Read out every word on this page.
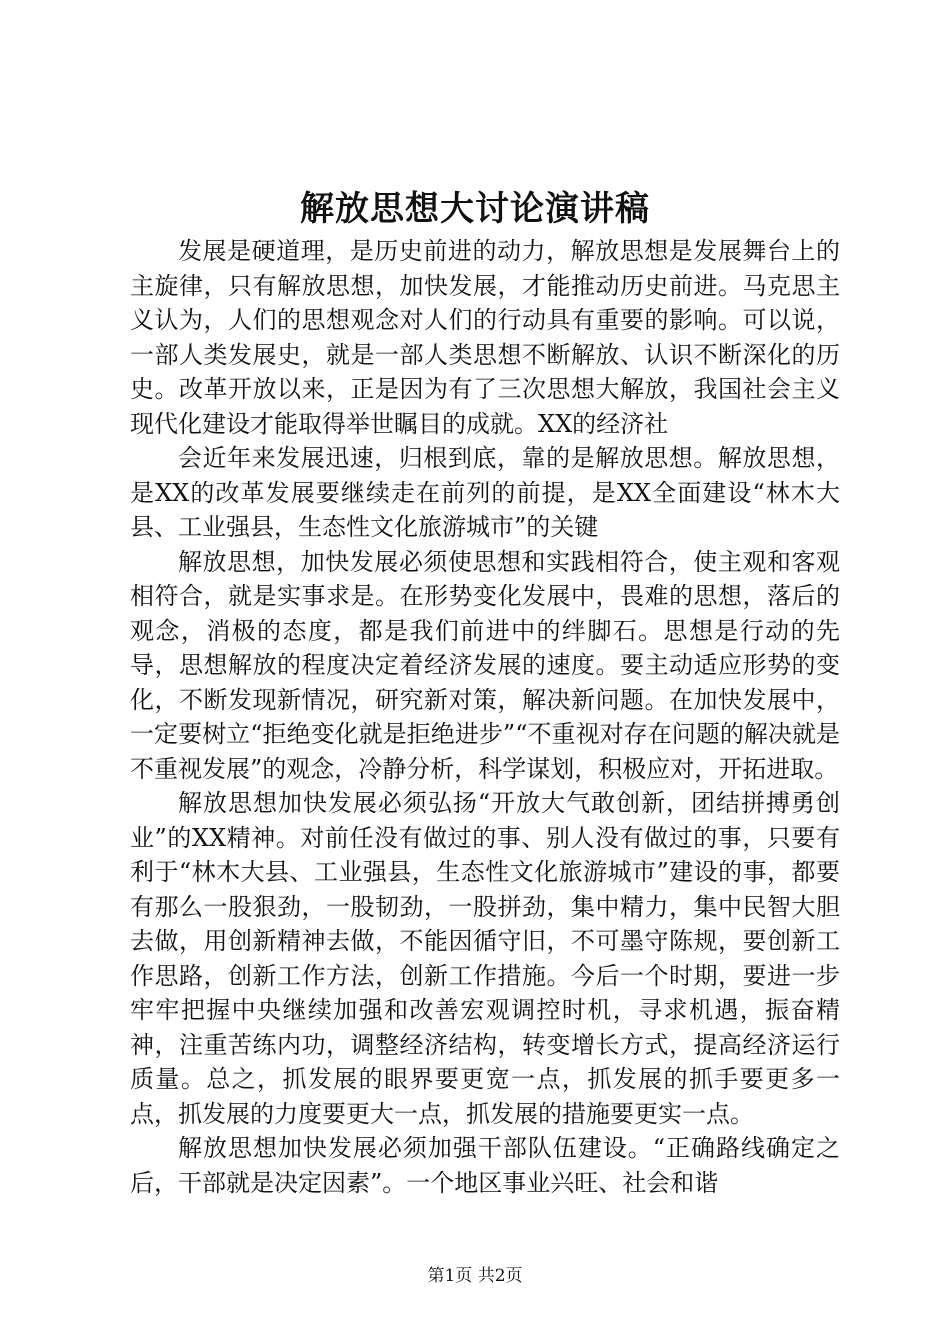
解放思想大讨论演讲稿

发展是硬道理，是历史前进的动力，解放思想是发展舞台上的主旋律，只有解放思想，加快发展，才能推动历史前进。马克思主义认为，人们的思想观念对人们的行动具有重要的影响。可以说，一部人类发展史，就是一部人类思想不断解放、认识不断深化的历史。改革开放以来，正是因为有了三次思想大解放，我国社会主义现代化建设才能取得举世瞩目的成就。XX的经济社

会近年来发展迅速，归根到底，靠的是解放思想。解放思想，是XX的改革发展要继续走在前列的前提，是XX全面建设“林木大县、工业强县，生态性文化旅游城市”的关键

解放思想，加快发展必须使思想和实践相符合，使主观和客观相符合，就是实事求是。在形势变化发展中，畏难的思想，落后的观念，消极的态度，都是我们前进中的绊脚石。思想是行动的先导，思想解放的程度决定着经济发展的速度。要主动适应形势的变化，不断发现新情况，研究新对策，解决新问题。在加快发展中，一定要树立“拒绝变化就是拒绝进步”“不重视对存在问题的解决就是不重视发展”的观念，冷静分析，科学谋划，积极应对，开拓进取。

解放思想加快发展必须弘扬“开放大气敢创新，团结拼搏勇创业”的XX精神。对前任没有做过的事、别人没有做过的事，只要有利于“林木大县、工业强县，生态性文化旅游城市”建设的事，都要有那么一股狠劲，一股韧劲，一股拼劲，集中精力，集中民智大胆去做，用创新精神去做，不能因循守旧，不可墨守陈规，要创新工作思路，创新工作方法，创新工作措施。今后一个时期，要进一步牢牢把握中央继续加强和改善宏观调控时机，寻求机遇，振奋精神，注重苦练内功，调整经济结构，转变增长方式，提高经济运行质量。总之，抓发展的眼界要更宽一点，抓发展的抓手要更多一点，抓发展的力度要更大一点，抓发展的措施要更实一点。

解放思想加快发展必须加强干部队伍建设。“正确路线确定之后，干部就是决定因素”。一个地区事业兴旺、社会和谐

第1页 共2页
